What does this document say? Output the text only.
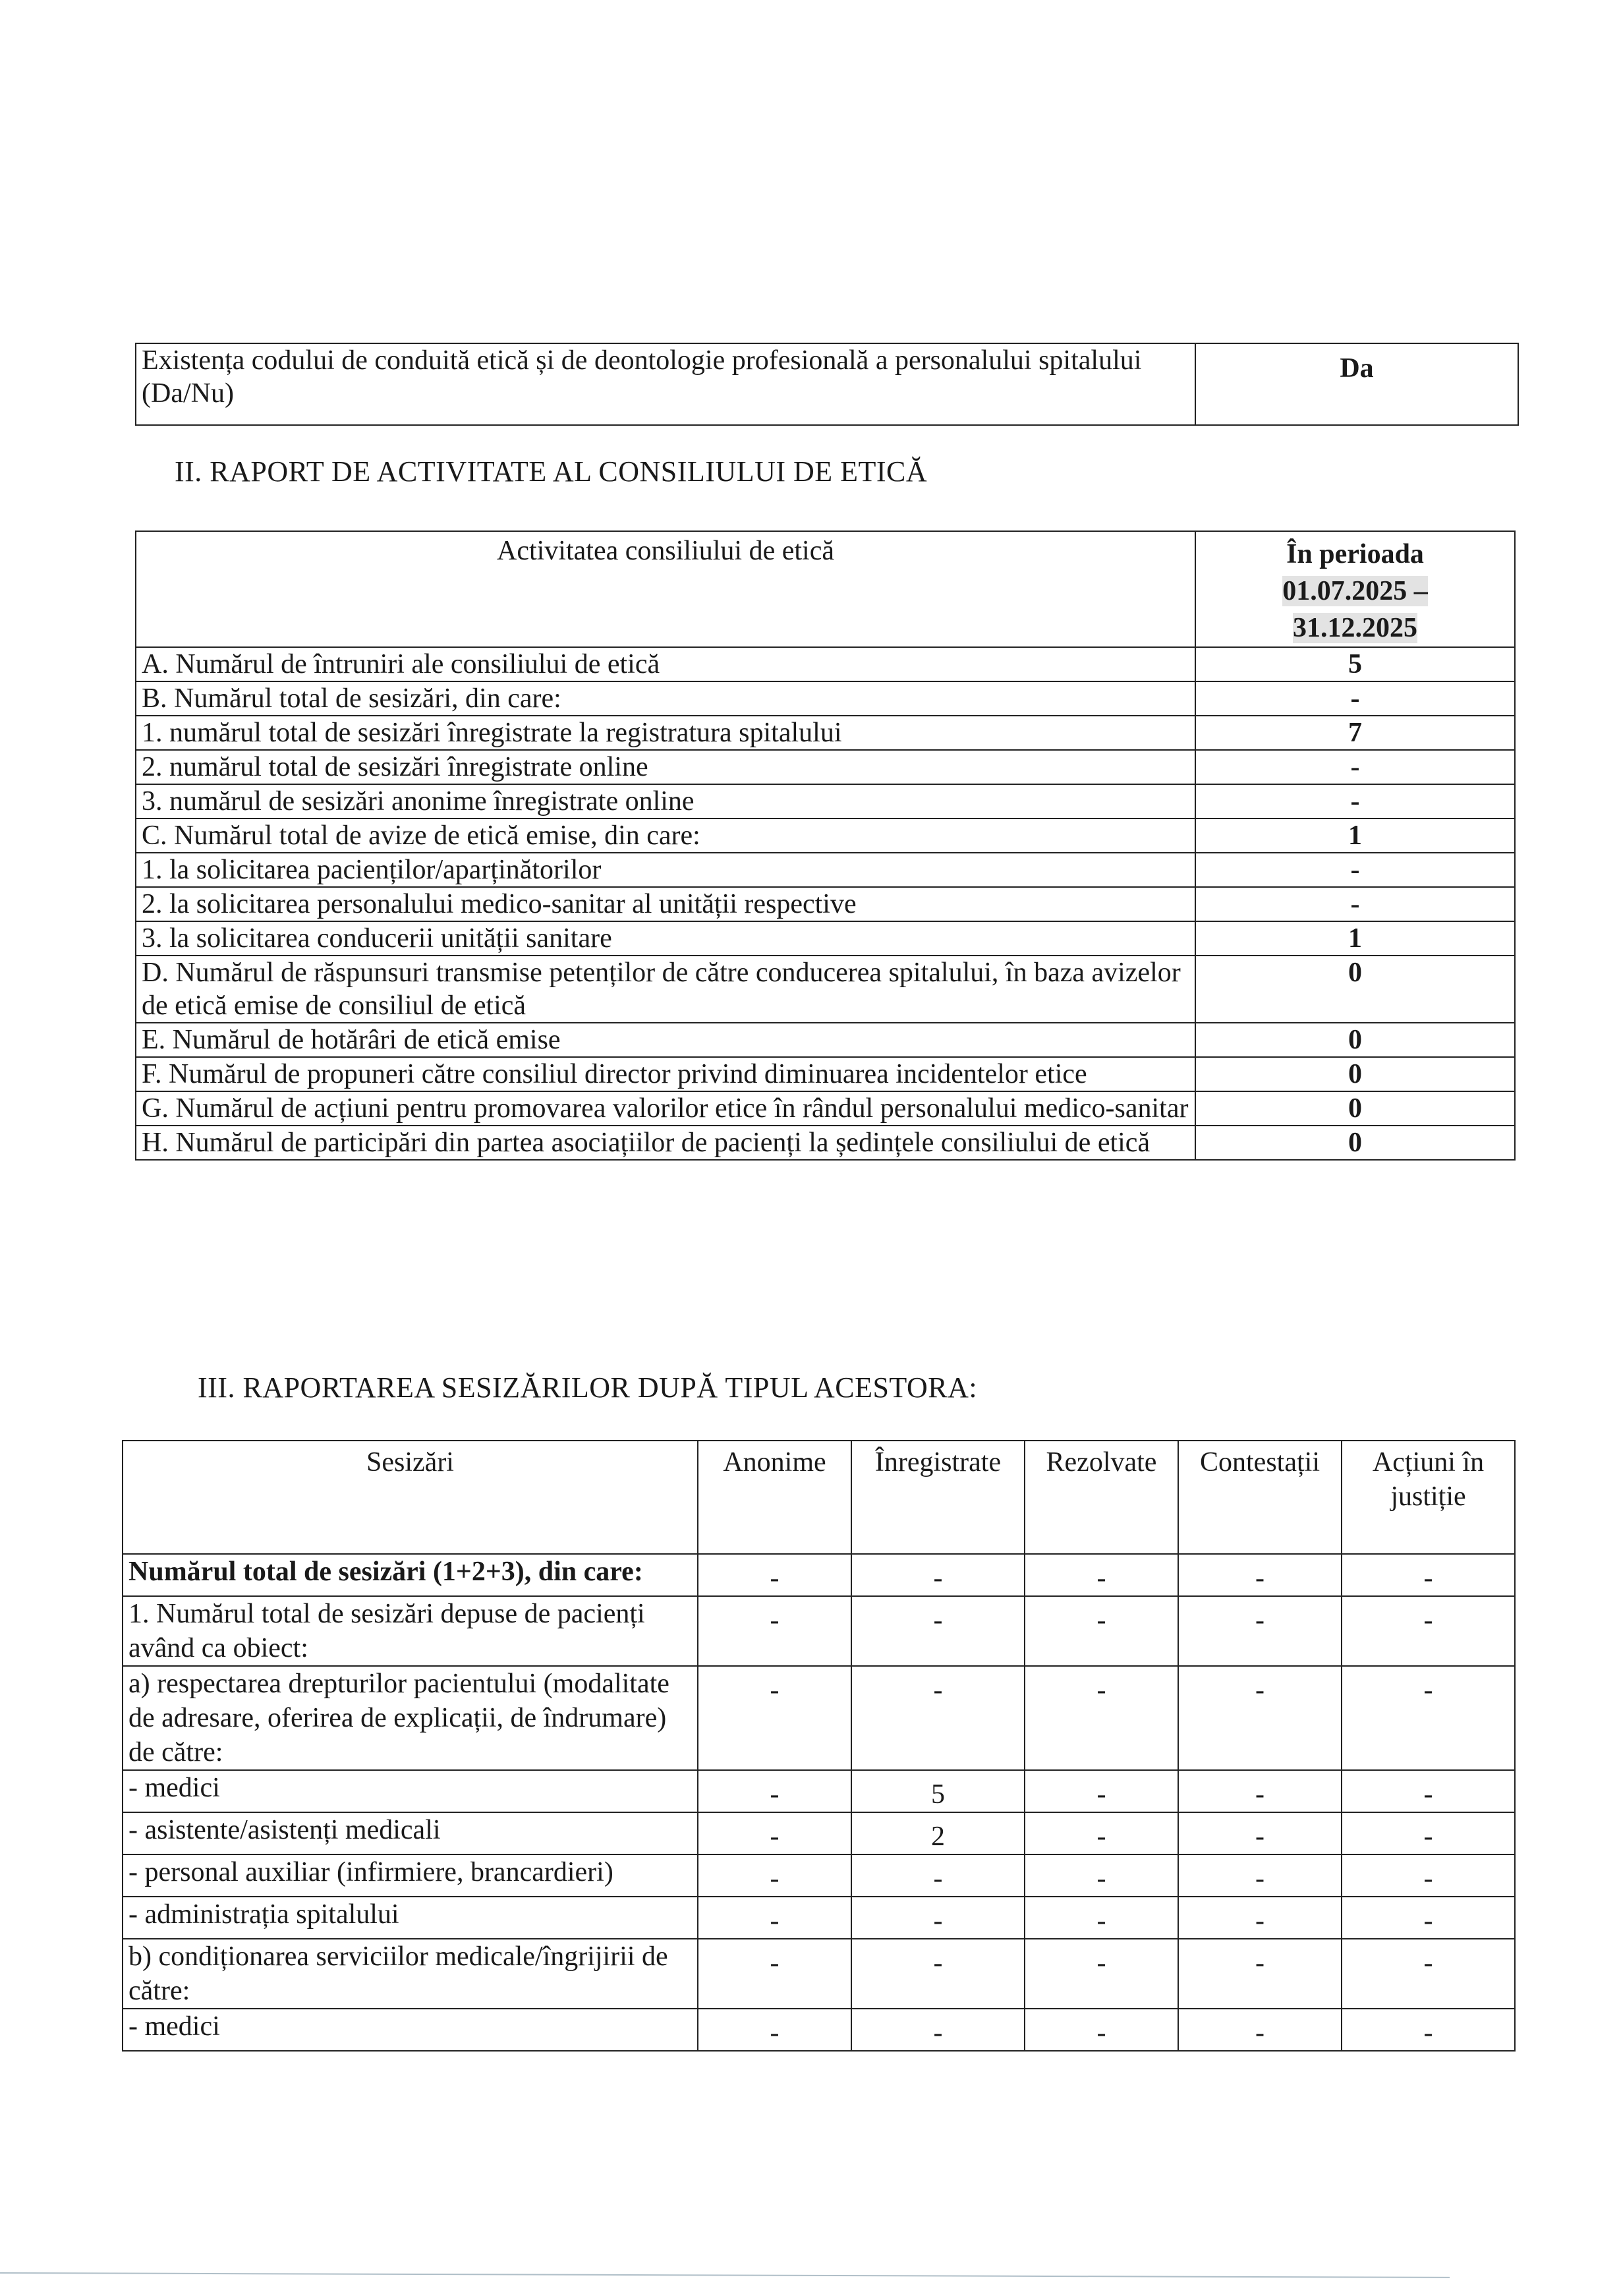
Existența codului de conduită etică și de deontologie profesională a personalului spitalului (Da/Nu)	Da
II. RAPORT DE ACTIVITATE AL CONSILIULUI DE ETICĂ
Activitatea consiliului de etică	În perioada
01.07.2025 –
31.12.2025

A. Numărul de întruniri ale consiliului de etică	5
B. Numărul total de sesizări, din care:	-
1. numărul total de sesizări înregistrate la registratura spitalului	7
2. numărul total de sesizări înregistrate online	-
3. numărul de sesizări anonime înregistrate online	-
C. Numărul total de avize de etică emise, din care:	1
1. la solicitarea pacienților/aparținătorilor	-
2. la solicitarea personalului medico-sanitar al unității respective	-
3. la solicitarea conducerii unității sanitare	1
D. Numărul de răspunsuri transmise petenților de către conducerea spitalului, în baza avizelor de etică emise de consiliul de etică	0
E. Numărul de hotărâri de etică emise	0
F. Numărul de propuneri către consiliul director privind diminuarea incidentelor etice	0
G. Numărul de acțiuni pentru promovarea valorilor etice în rândul personalului medico-sanitar	0
H. Numărul de participări din partea asociațiilor de pacienți la ședințele consiliului de etică	0
III. RAPORTAREA SESIZĂRILOR DUPĂ TIPUL ACESTORA:
Sesizări	Anonime	Înregistrate	Rezolvate	Contestații	Acțiuni în justiție
Numărul total de sesizări (1+2+3), din care:	-	-	-	-	-
1. Numărul total de sesizări depuse de pacienți având ca obiect:	-	-	-	-	-
a) respectarea drepturilor pacientului (modalitate de adresare, oferirea de explicații, de îndrumare) de către:	-	-	-	-	-
- medici	-	5	-	-	-
- asistente/asistenți medicali	-	2	-	-	-
- personal auxiliar (infirmiere, brancardieri)	-	-	-	-	-
- administrația spitalului	-	-	-	-	-
b) condiționarea serviciilor medicale/îngrijirii de către:	-	-	-	-	-
- medici	-	-	-	-	-
